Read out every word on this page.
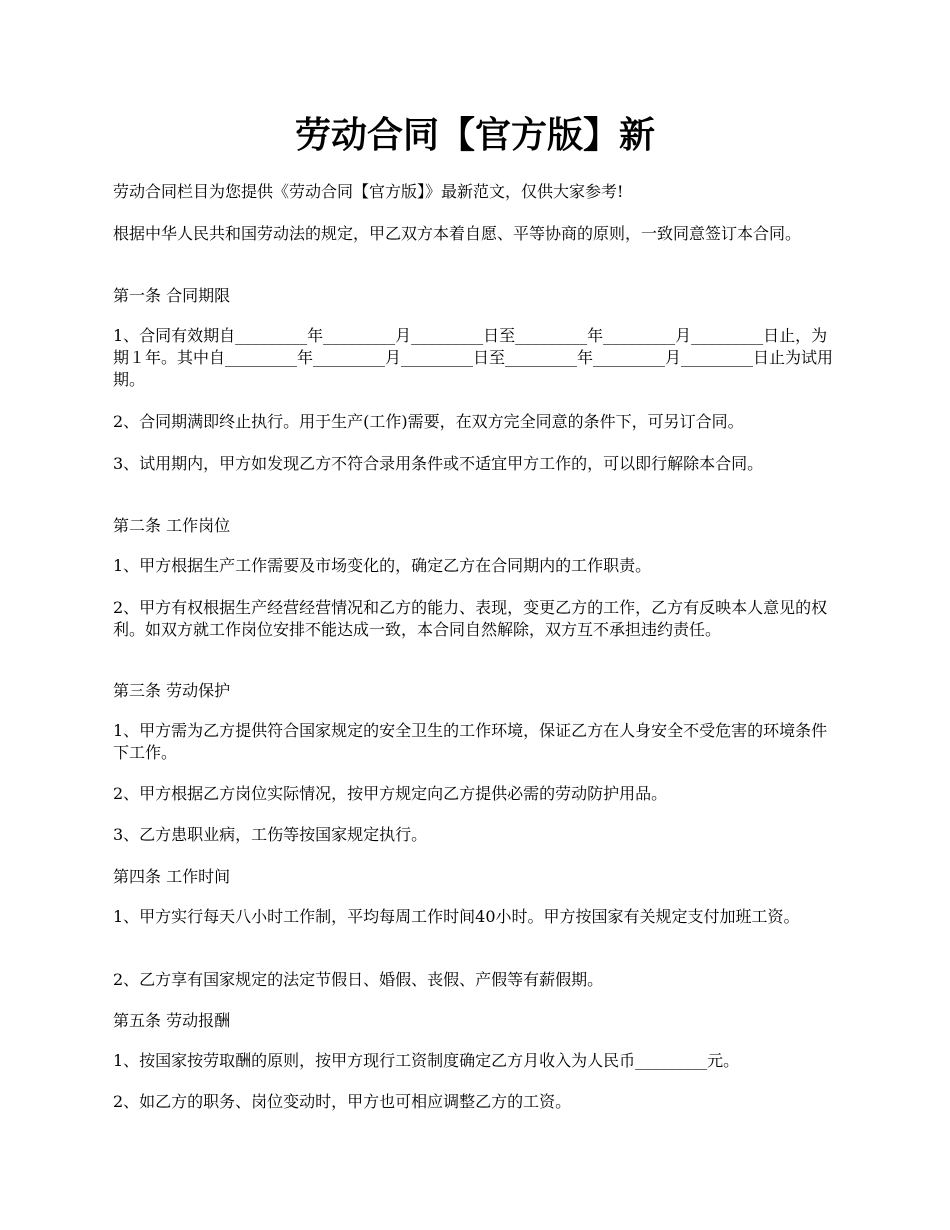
劳动合同【官方版】新

劳动合同栏目为您提供《劳动合同【官方版】》最新范文，仅供大家参考!

根据中华人民共和国劳动法的规定，甲乙双方本着自愿、平等协商的原则，一致同意签订本合同。

第一条 合同期限

1、合同有效期自_________年_________月_________日至_________年_________月_________日止，为期１年。其中自_________年_________月_________日至_________年_________月_________日止为试用期。

2、合同期满即终止执行。用于生产(工作)需要，在双方完全同意的条件下，可另订合同。

3、试用期内，甲方如发现乙方不符合录用条件或不适宜甲方工作的，可以即行解除本合同。

第二条 工作岗位

1、甲方根据生产工作需要及市场变化的，确定乙方在合同期内的工作职责。

2、甲方有权根据生产经营经营情况和乙方的能力、表现，变更乙方的工作，乙方有反映本人意见的权利。如双方就工作岗位安排不能达成一致，本合同自然解除，双方互不承担违约责任。

第三条 劳动保护

1、甲方需为乙方提供符合国家规定的安全卫生的工作环境，保证乙方在人身安全不受危害的环境条件下工作。

2、甲方根据乙方岗位实际情况，按甲方规定向乙方提供必需的劳动防护用品。

3、乙方患职业病，工伤等按国家规定执行。

第四条 工作时间

1、甲方实行每天八小时工作制，平均每周工作时间40小时。甲方按国家有关规定支付加班工资。

2、乙方享有国家规定的法定节假日、婚假、丧假、产假等有薪假期。

第五条 劳动报酬

1、按国家按劳取酬的原则，按甲方现行工资制度确定乙方月收入为人民币_________元。

2、如乙方的职务、岗位变动时，甲方也可相应调整乙方的工资。
